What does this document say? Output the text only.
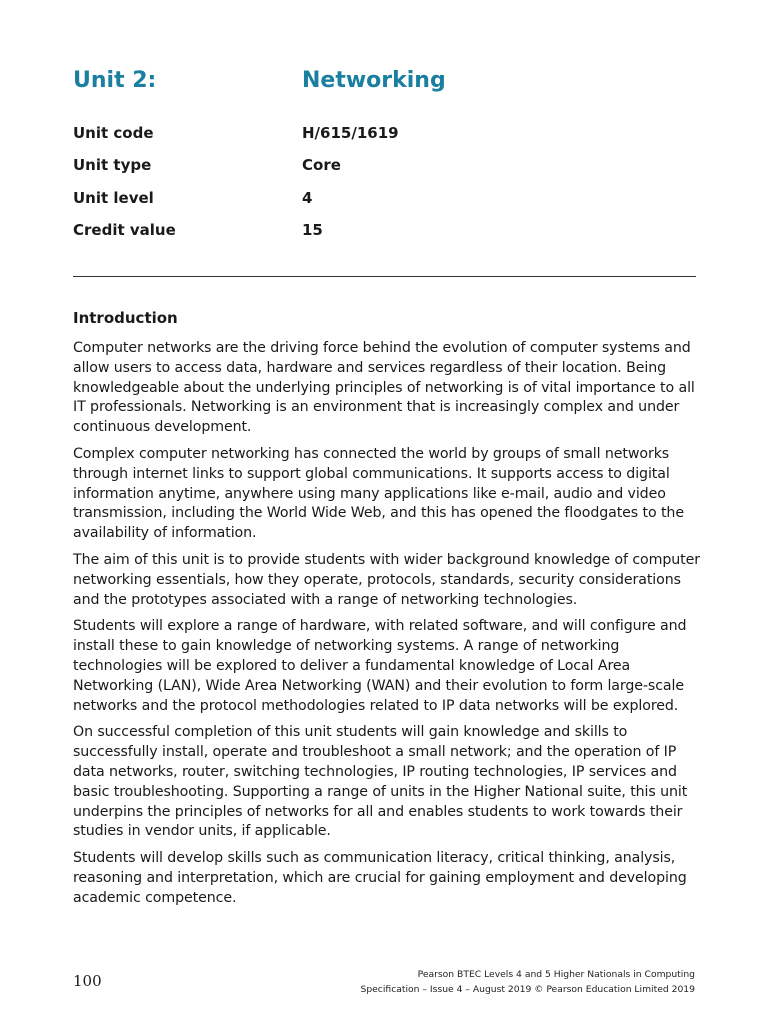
Unit 2:	Networking
Unit code	H/615/1619
Unit type	Core
Unit level	4
Credit value	15
Introduction

Computer networks are the driving force behind the evolution of computer systems and allow users to access data, hardware and services regardless of their location. Being knowledgeable about the underlying principles of networking is of vital importance to all IT professionals. Networking is an environment that is increasingly complex and under continuous development.

Complex computer networking has connected the world by groups of small networks through internet links to support global communications. It supports access to digital information anytime, anywhere using many applications like e-mail, audio and video transmission, including the World Wide Web, and this has opened the floodgates to the availability of information.

The aim of this unit is to provide students with wider background knowledge of computer networking essentials, how they operate, protocols, standards, security considerations and the prototypes associated with a range of networking technologies.

Students will explore a range of hardware, with related software, and will configure and install these to gain knowledge of networking systems. A range of networking technologies will be explored to deliver a fundamental knowledge of Local Area Networking (LAN), Wide Area Networking (WAN) and their evolution to form large-scale networks and the protocol methodologies related to IP data networks will be explored.

On successful completion of this unit students will gain knowledge and skills to successfully install, operate and troubleshoot a small network; and the operation of IP data networks, router, switching technologies, IP routing technologies, IP services and basic troubleshooting. Supporting a range of units in the Higher National suite, this unit underpins the principles of networks for all and enables students to work towards their studies in vendor units, if applicable.

Students will develop skills such as communication literacy, critical thinking, analysis, reasoning and interpretation, which are crucial for gaining employment and developing academic competence.

100	Pearson BTEC Levels 4 and 5 Higher Nationals in Computing
Specification – Issue 4 – August 2019 © Pearson Education Limited 2019
